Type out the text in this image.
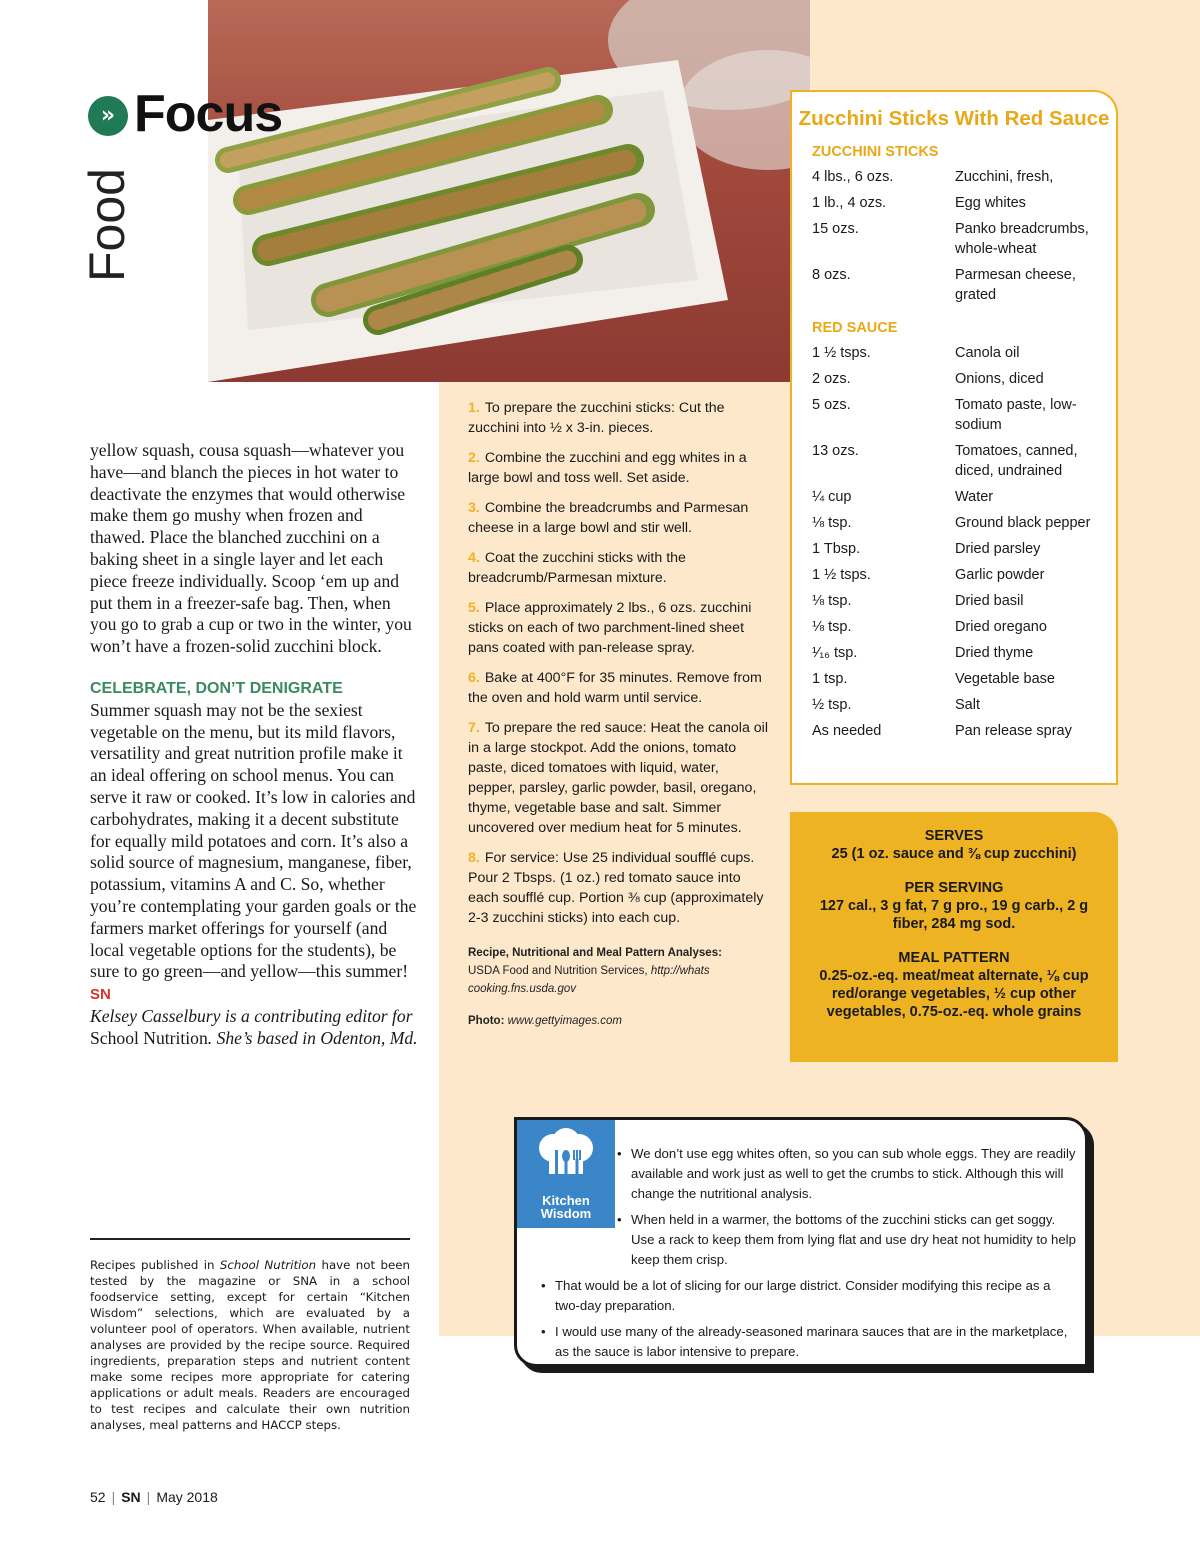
» Focus
Food

yellow squash, cousa squash—whatever you have—and blanch the pieces in hot water to deactivate the enzymes that would otherwise make them go mushy when frozen and thawed. Place the blanched zucchini on a baking sheet in a single layer and let each piece freeze individually. Scoop ‘em up and put them in a freezer-safe bag. Then, when you go to grab a cup or two in the winter, you won’t have a frozen-solid zucchini block.

CELEBRATE, DON’T DENIGRATE

Summer squash may not be the sexiest vegetable on the menu, but its mild flavors, versatility and great nutrition profile make it an ideal offering on school menus. You can serve it raw or cooked. It’s low in calories and carbohydrates, making it a decent substitute for equally mild potatoes and corn. It’s also a solid source of magnesium, manganese, fiber, potassium, vitamins A and C. So, whether you’re contemplating your garden goals or the farmers market offerings for yourself (and local vegetable options for the students), be sure to go green—and yellow—this summer! SN

Kelsey Casselbury is a contributing editor for School Nutrition. She’s based in Odenton, Md.

Recipes published in School Nutrition have not been tested by the magazine or SNA in a school foodservice setting, except for certain “Kitchen Wisdom” selections, which are evaluated by a volunteer pool of operators. When available, nutrient analyses are provided by the recipe source. Required ingredients, preparation steps and nutrient content make some recipes more appropriate for catering applications or adult meals. Readers are encouraged to test recipes and calculate their own nutrition analyses, meal patterns and HACCP steps.

1. To prepare the zucchini sticks: Cut the zucchini into ½ x 3-in. pieces.

2. Combine the zucchini and egg whites in a large bowl and toss well. Set aside.

3. Combine the breadcrumbs and Parmesan cheese in a large bowl and stir well.

4. Coat the zucchini sticks with the breadcrumb/Parmesan mixture.

5. Place approximately 2 lbs., 6 ozs. zucchini sticks on each of two parchment-lined sheet pans coated with pan-release spray.

6. Bake at 400°F for 35 minutes. Remove from the oven and hold warm until service.

7. To prepare the red sauce: Heat the canola oil in a large stockpot. Add the onions, tomato paste, diced tomatoes with liquid, water, pepper, parsley, garlic powder, basil, oregano, thyme, vegetable base and salt. Simmer uncovered over medium heat for 5 minutes.

8. For service: Use 25 individual soufflé cups. Pour 2 Tbsps. (1 oz.) red tomato sauce into each soufflé cup. Portion ⅜ cup (approximately 2-3 zucchini sticks) into each cup.

Recipe, Nutritional and Meal Pattern Analyses:
USDA Food and Nutrition Services, http://whats cooking.fns.usda.gov
Photo: www.gettyimages.com
Zucchini Sticks With Red Sauce
ZUCCHINI STICKS
4 lbs., 6 ozs.	Zucchini, fresh,
1 lb., 4 ozs.	Egg whites
15 ozs.	Panko breadcrumbs, whole-wheat
8 ozs.	Parmesan cheese, grated
RED SAUCE
1 ½ tsps.	Canola oil
2 ozs.	Onions, diced
5 ozs.	Tomato paste, low-sodium
13 ozs.	Tomatoes, canned, diced, undrained
¼ cup	Water
⅛ tsp.	Ground black pepper
1 Tbsp.	Dried parsley
1 ½ tsps.	Garlic powder
⅛ tsp.	Dried basil
⅛ tsp.	Dried oregano
¹⁄₁₆ tsp.	Dried thyme
1 tsp.	Vegetable base
½ tsp.	Salt
As needed	Pan release spray

SERVES

25 (1 oz. sauce and ⅜ cup zucchini)

PER SERVING

127 cal., 3 g fat, 7 g pro., 19 g carb., 2 g fiber, 284 mg sod.

MEAL PATTERN

0.25-oz.-eq. meat/meat alternate, ⅛ cup red/orange vegetables, ½ cup other vegetables, 0.75-oz.-eq. whole grains

Kitchen
Wisdom

• We don’t use egg whites often, so you can sub whole eggs. They are readily available and work just as well to get the crumbs to stick. Although this will change the nutritional analysis.

• When held in a warmer, the bottoms of the zucchini sticks can get soggy. Use a rack to keep them from lying flat and use dry heat not humidity to help keep them crisp.

• That would be a lot of slicing for our large district. Consider modifying this recipe as a two-day preparation.

• I would use many of the already-seasoned marinara sauces that are in the marketplace, as the sauce is labor intensive to prepare.

52 | SN | May 2018
